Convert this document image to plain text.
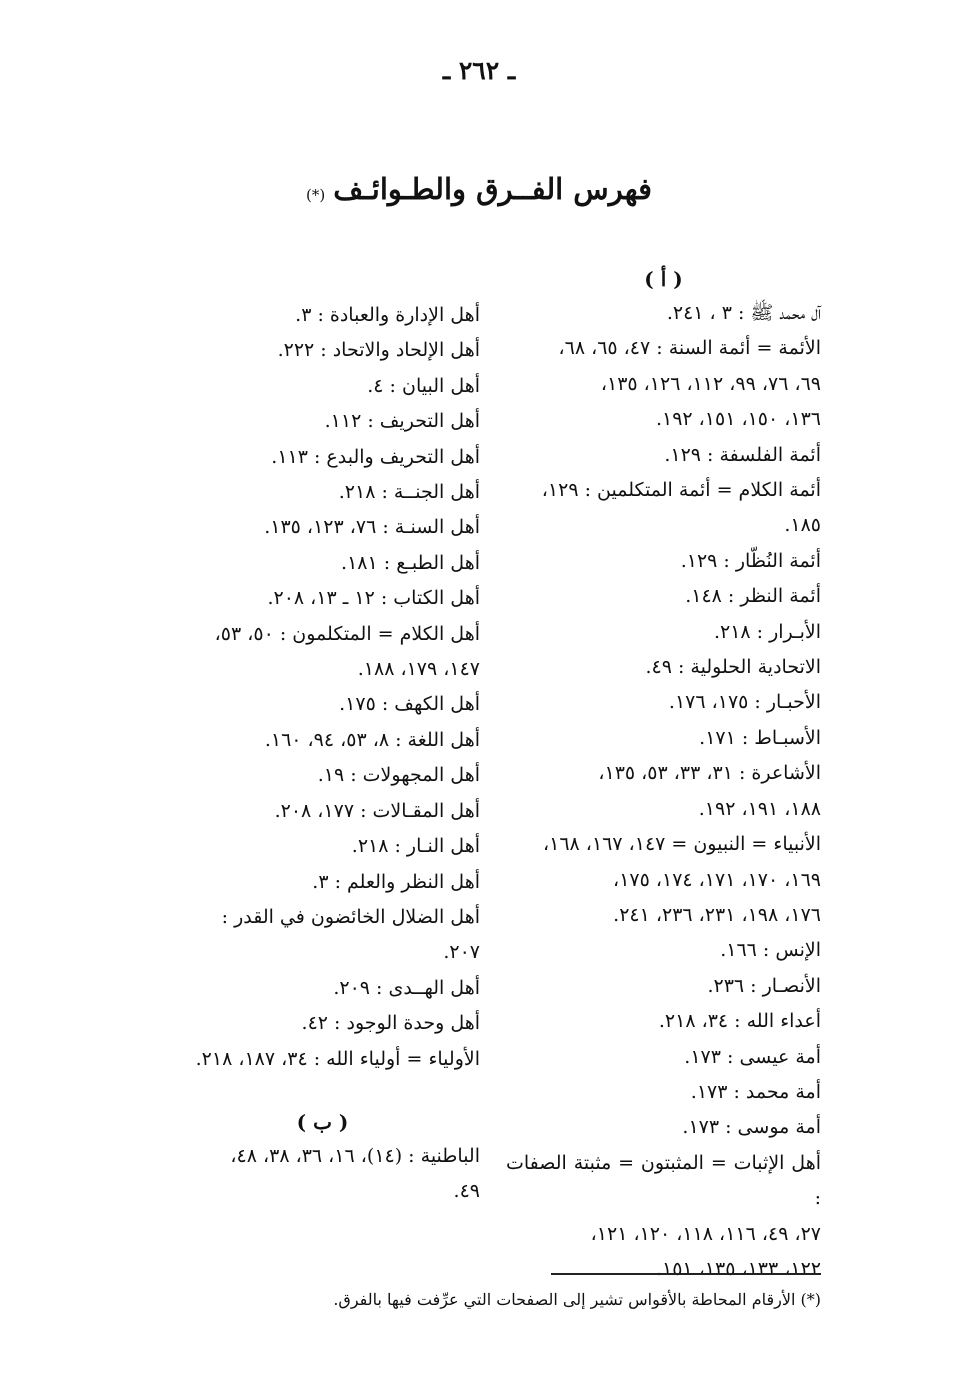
ـ ٢٦٢ ـ
فهرس الفــرق والطـوائـف(*)
( أ )
آل محمد ﷺ : ٣ ، ٢٤١.
الأئمة = أئمة السنة : ٤٧، ٦٥، ٦٨،
٦٩، ٧٦، ٩٩، ١١٢، ١٢٦، ١٣٥،
١٣٦، ١٥٠، ١٥١، ١٩٢.
أئمة الفلسفة : ١٢٩.
أئمة الكلام = أئمة المتكلمين : ١٢٩،
١٨٥.
أئمة النُظّار : ١٢٩.
أئمة النظر : ١٤٨.
الأبـرار : ٢١٨.
الاتحادية الحلولية : ٤٩.
الأحبـار : ١٧٥، ١٧٦.
الأسبـاط : ١٧١.
الأشاعرة : ٣١، ٣٣، ٥٣، ١٣٥،
١٨٨، ١٩١، ١٩٢.
الأنبياء = النبيون = ١٤٧، ١٦٧، ١٦٨،
١٦٩، ١٧٠، ١٧١، ١٧٤، ١٧٥،
١٧٦، ١٩٨، ٢٣١، ٢٣٦، ٢٤١.
الإنس : ١٦٦.
الأنصـار : ٢٣٦.
أعداء الله : ٣٤، ٢١٨.
أمة عيسى : ١٧٣.
أمة محمد : ١٧٣.
أمة موسى : ١٧٣.
أهل الإثبات = المثبتون = مثبتة الصفات :
٢٧، ٤٩، ١١٦، ١١٨، ١٢٠، ١٢١،
١٢٢، ١٣٣، ١٣٥، ١٥١.
أهل الإدارة والعبادة : ٣.
أهل الإلحاد والاتحاد : ٢٢٢.
أهل البيان : ٤.
أهل التحريف : ١١٢.
أهل التحريف والبدع : ١١٣.
أهل الجنــة : ٢١٨.
أهل السنـة : ٧٦، ١٢٣، ١٣٥.
أهل الطبـع : ١٨١.
أهل الكتاب : ١٢ ـ ١٣، ٢٠٨.
أهل الكلام = المتكلمون : ٥٠، ٥٣،
١٤٧، ١٧٩، ١٨٨.
أهل الكهف : ١٧٥.
أهل اللغة : ٨، ٥٣، ٩٤، ١٦٠.
أهل المجهولات : ١٩.
أهل المقـالات : ١٧٧، ٢٠٨.
أهل النـار : ٢١٨.
أهل النظر والعلم : ٣.
أهل الضلال الخائضون في القدر :
٢٠٧.
أهل الهــدى : ٢٠٩.
أهل وحدة الوجود : ٤٢.
الأولياء = أولياء الله : ٣٤، ١٨٧، ٢١٨.
( ب )
الباطنية : (١٤)، ١٦، ٣٦، ٣٨، ٤٨،
٤٩.
(*) الأرقام المحاطة بالأقواس تشير إلى الصفحات التي عرِّفت فيها بالفرق.
